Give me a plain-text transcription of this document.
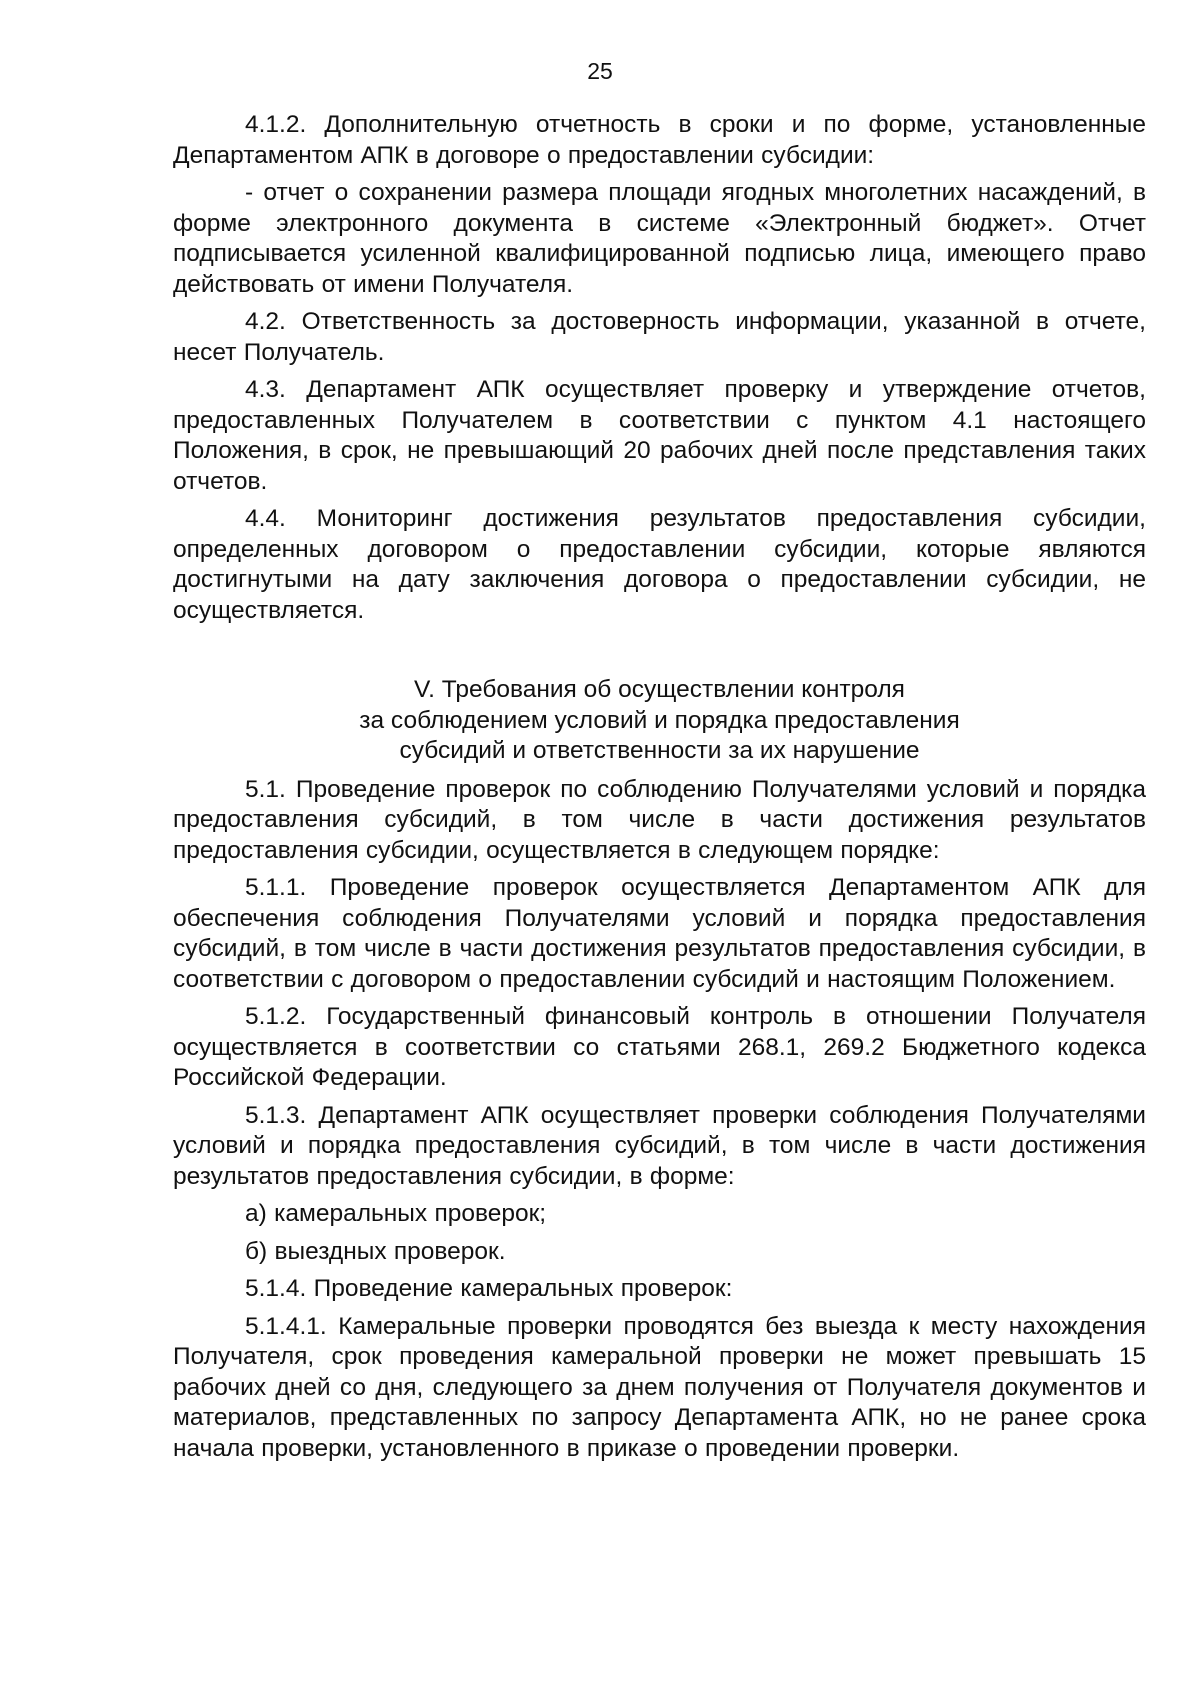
25

4.1.2. Дополнительную отчетность в сроки и по форме, установленные Департаментом АПК в договоре о предоставлении субсидии:

- отчет о сохранении размера площади ягодных многолетних насаждений, в форме электронного документа в системе «Электронный бюджет». Отчет подписывается усиленной квалифицированной подписью лица, имеющего право действовать от имени Получателя.

4.2. Ответственность за достоверность информации, указанной в отчете, несет Получатель.

4.3. Департамент АПК осуществляет проверку и утверждение отчетов, предоставленных Получателем в соответствии с пунктом 4.1 настоящего Положения, в срок, не превышающий 20 рабочих дней после представления таких отчетов.

4.4. Мониторинг достижения результатов предоставления субсидии, определенных договором о предоставлении субсидии, которые являются достигнутыми на дату заключения договора о предоставлении субсидии, не осуществляется.

V. Требования об осуществлении контроля
за соблюдением условий и порядка предоставления
субсидий и ответственности за их нарушение

5.1. Проведение проверок по соблюдению Получателями условий и порядка предоставления субсидий, в том числе в части достижения результатов предоставления субсидии, осуществляется в следующем порядке:

5.1.1. Проведение проверок осуществляется Департаментом АПК для обеспечения соблюдения Получателями условий и порядка предоставления субсидий, в том числе в части достижения результатов предоставления субсидии, в соответствии с договором о предоставлении субсидий и настоящим Положением.

5.1.2. Государственный финансовый контроль в отношении Получателя осуществляется в соответствии со статьями 268.1, 269.2 Бюджетного кодекса Российской Федерации.

5.1.3. Департамент АПК осуществляет проверки соблюдения Получателями условий и порядка предоставления субсидий, в том числе в части достижения результатов предоставления субсидии, в форме:

а) камеральных проверок;

б) выездных проверок.

5.1.4. Проведение камеральных проверок:

5.1.4.1. Камеральные проверки проводятся без выезда к месту нахождения Получателя, срок проведения камеральной проверки не может превышать 15 рабочих дней со дня, следующего за днем получения от Получателя документов и материалов, представленных по запросу Департамента АПК, но не ранее срока начала проверки, установленного в приказе о проведении проверки.
